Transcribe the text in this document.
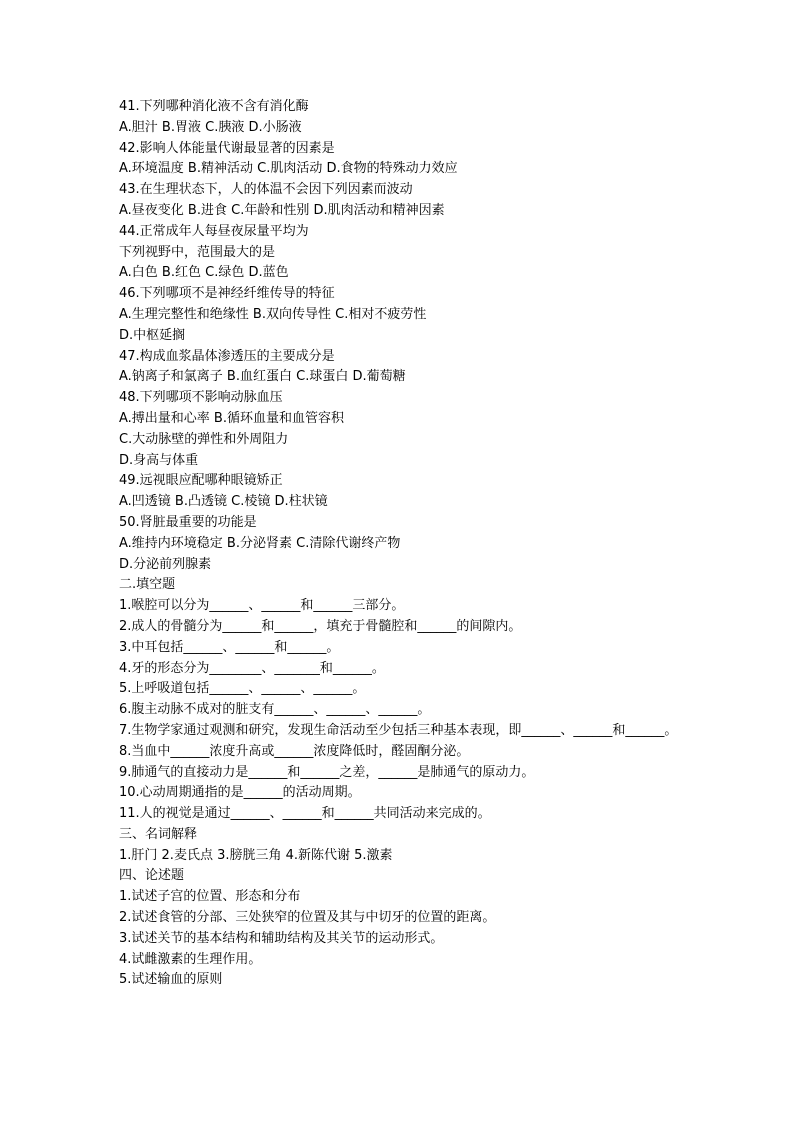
41.下列哪种消化液不含有消化酶

A.胆汁 B.胃液 C.胰液 D.小肠液

42.影响人体能量代谢最显著的因素是

A.环境温度 B.精神活动 C.肌肉活动 D.食物的特殊动力效应

43.在生理状态下，人的体温不会因下列因素而波动

A.昼夜变化 B.进食 C.年龄和性别 D.肌肉活动和精神因素

44.正常成年人每昼夜尿量平均为

下列视野中，范围最大的是

A.白色 B.红色 C.绿色 D.蓝色

46.下列哪项不是神经纤维传导的特征

A.生理完整性和绝缘性 B.双向传导性 C.相对不疲劳性

D.中枢延搁

47.构成血浆晶体渗透压的主要成分是

A.钠离子和氯离子 B.血红蛋白 C.球蛋白 D.葡萄糖

48.下列哪项不影响动脉血压

A.搏出量和心率 B.循环血量和血管容积

C.大动脉壁的弹性和外周阻力

D.身高与体重

49.远视眼应配哪种眼镜矫正

A.凹透镜 B.凸透镜 C.棱镜 D.柱状镜

50.肾脏最重要的功能是

A.维持内环境稳定 B.分泌肾素 C.清除代谢终产物

D.分泌前列腺素

二.填空题

1.喉腔可以分为______、______和______三部分。

2.成人的骨髓分为______和______，填充于骨髓腔和______的间隙内。

3.中耳包括______、______和______。

4.牙的形态分为________、_______和______。

5.上呼吸道包括______、______、______。

6.腹主动脉不成对的脏支有______、______、______。

7.生物学家通过观测和研究，发现生命活动至少包括三种基本表现，即______、______和______。

8.当血中______浓度升高或______浓度降低时，醛固酮分泌。

9.肺通气的直接动力是______和______之差，______是肺通气的原动力。

10.心动周期通指的是______的活动周期。

11.人的视觉是通过______、______和______共同活动来完成的。

三、名词解释

1.肝门 2.麦氏点 3.膀胱三角 4.新陈代谢 5.激素

四、论述题

1.试述子宫的位置、形态和分布

2.试述食管的分部、三处狭窄的位置及其与中切牙的位置的距离。

3.试述关节的基本结构和辅助结构及其关节的运动形式。

4.试雌激素的生理作用。

5.试述输血的原则
